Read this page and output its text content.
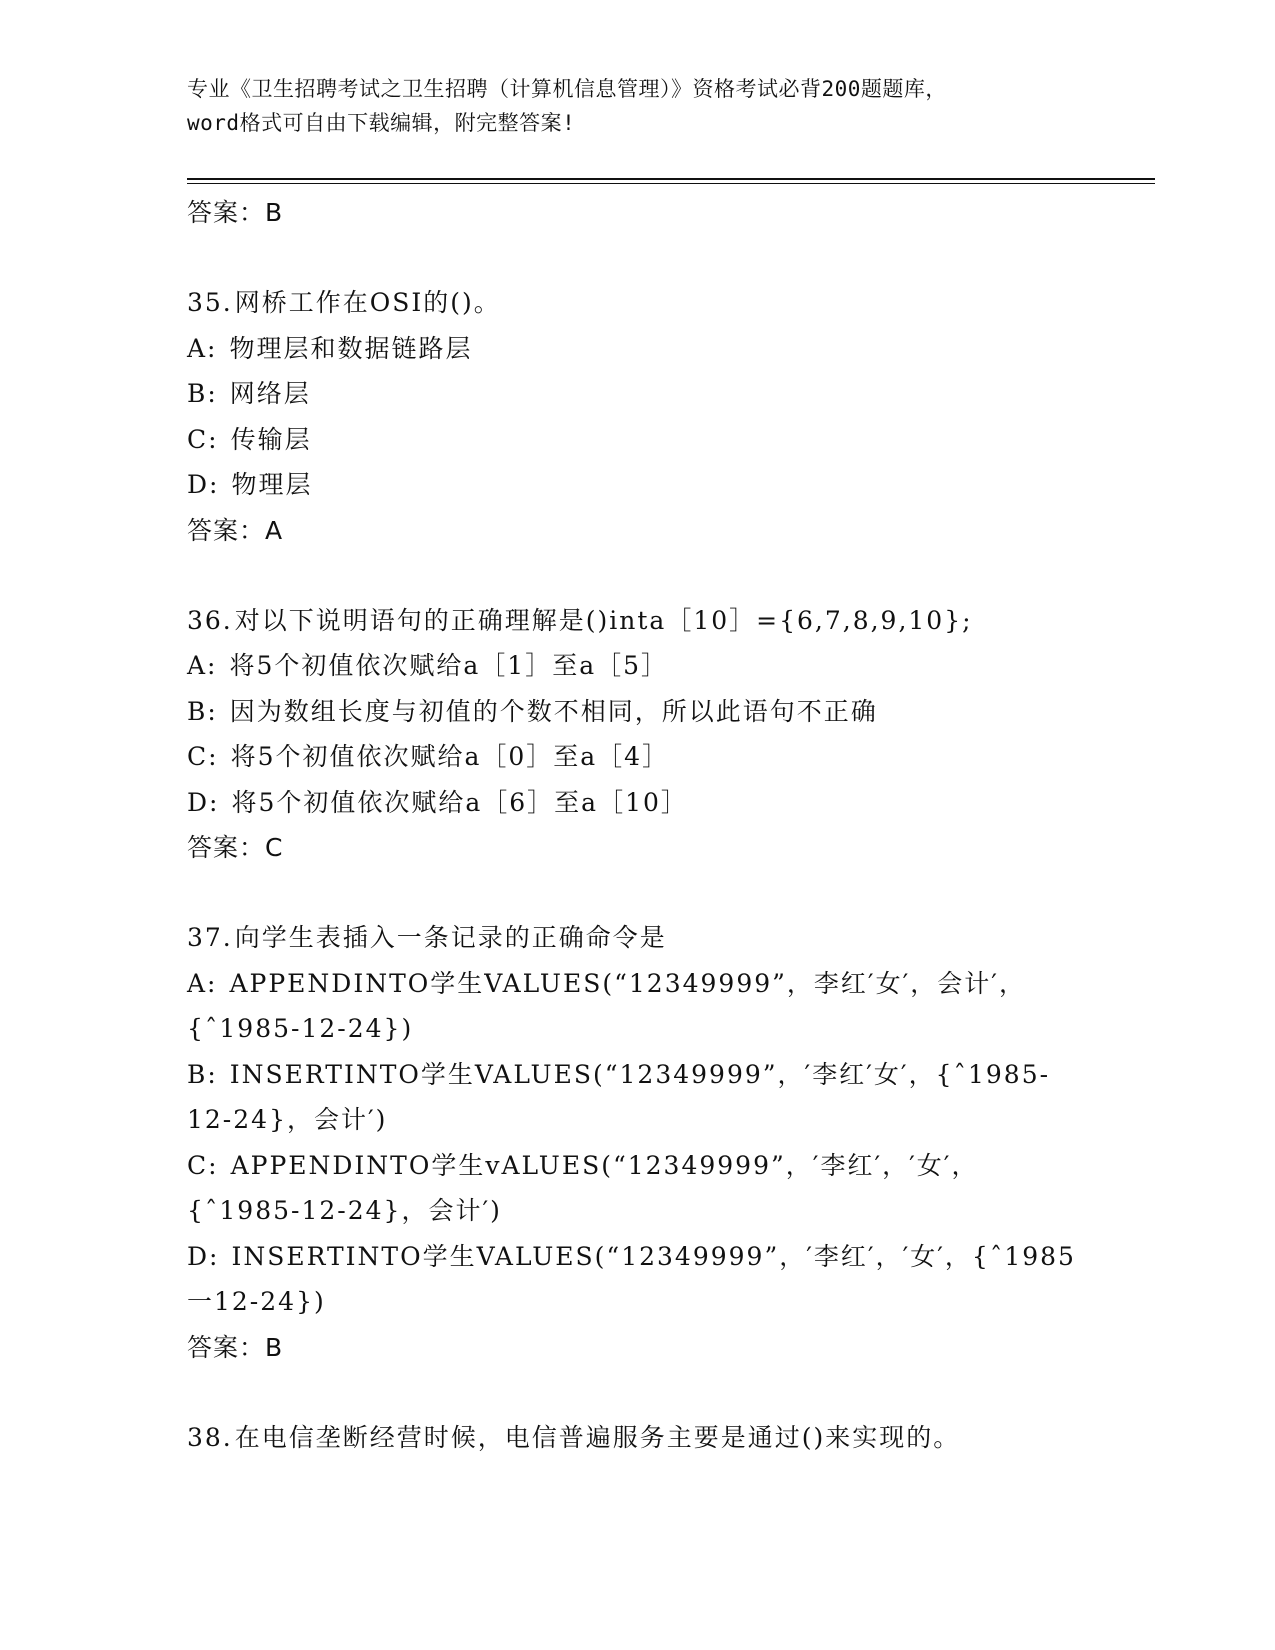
专业《卫生招聘考试之卫生招聘（计算机信息管理）》资格考试必背200题题库，
word格式可自由下载编辑，附完整答案!

答案：B

35.网桥工作在OSI的()。

A: 物理层和数据链路层

B: 网络层

C: 传输层

D: 物理层

答案：A

36.对以下说明语句的正确理解是()inta［10］={6,7,8,9,10};

A: 将5个初值依次赋给a［1］至a［5］

B: 因为数组长度与初值的个数不相同，所以此语句不正确

C: 将5个初值依次赋给a［0］至a［4］

D: 将5个初值依次赋给a［6］至a［10］

答案：C

37.向学生表插入一条记录的正确命令是

A: APPENDINTO学生VALUES(“12349999”，李红′女′，会计′，{ˆ1985-12-24})

B: INSERTINTO学生VALUES(“12349999”，′李红′女′，{ˆ1985-12-24}，会计′)

C: APPENDINTO学生vALUES(“12349999”，′李红′，′女′，{ˆ1985-12-24}，会计′)

D: INSERTINTO学生VALUES(“12349999”，′李红′，′女′，{ˆ1985一12-24})

答案：B

38.在电信垄断经营时候，电信普遍服务主要是通过()来实现的。
